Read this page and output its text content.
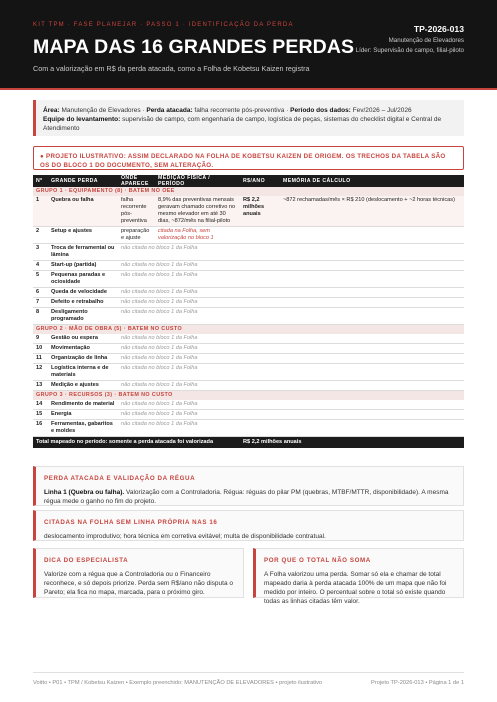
KIT TPM · FASE PLANEJAR · PASSO 1 · IDENTIFICAÇÃO DA PERDA
MAPA DAS 16 GRANDES PERDAS
Com a valorização em R$ da perda atacada, como a Folha de Kobetsu Kaizen registra
TP-2026-013
Manutenção de Elevadores
Líder: Supervisão de campo, filial-piloto
Área: Manutenção de Elevadores · Perda atacada: falha recorrente pós-preventiva · Período dos dados: Fev/2026 – Jul/2026
Equipe do levantamento: supervisão de campo, com engenharia de campo, logística de peças, sistemas do checklist digital e Central de Atendimento
● PROJETO ILUSTRATIVO: ASSIM DECLARADO NA FOLHA DE KOBETSU KAIZEN DE ORIGEM. OS TRECHOS DA TABELA SÃO OS DO BLOCO 1 DO DOCUMENTO, SEM ALTERAÇÃO.
Nº	GRANDE PERDA	ONDE APARECE	MEDIÇÃO FÍSICA / PERÍODO	R$/ANO	MEMÓRIA DE CÁLCULO
GRUPO 1 · EQUIPAMENTO (8) · BATEM NO OEE					
1	Quebra ou falha	falha recorrente pós-preventiva	8,9% das preventivas mensais geravam chamado corretivo no mesmo elevador em até 30 dias, ~872/mês na filial-piloto	R$ 2,2 milhões anuais	~872 rechamadas/mês × R$ 210 (deslocamento + ~2 horas técnicas)
2	Setup e ajustes	preparação e ajuste	citada na Folha, sem valorização no bloco 1		
3	Troca de ferramental ou lâmina	não citada no bloco 1 da Folha			
4	Start-up (partida)	não citada no bloco 1 da Folha			
5	Pequenas paradas e ociosidade	não citada no bloco 1 da Folha			
6	Queda de velocidade	não citada no bloco 1 da Folha			
7	Defeito e retrabalho	não citada no bloco 1 da Folha			
8	Desligamento programado	não citada no bloco 1 da Folha			
GRUPO 2 · MÃO DE OBRA (5) · BATEM NO CUSTO					
9	Gestão ou espera	não citada no bloco 1 da Folha			
10	Movimentação	não citada no bloco 1 da Folha			
11	Organização de linha	não citada no bloco 1 da Folha			
12	Logística interna e de materiais	não citada no bloco 1 da Folha			
13	Medição e ajustes	não citada no bloco 1 da Folha			
GRUPO 3 · RECURSOS (3) · BATEM NO CUSTO					
14	Rendimento de material	não citada no bloco 1 da Folha			
15	Energia	não citada no bloco 1 da Folha			
16	Ferramentas, gabaritos e moldes	não citada no bloco 1 da Folha			
Total mapeado no período: somente a perda atacada foi valorizada				R$ 2,2 milhões anuais	
PERDA ATACADA E VALIDAÇÃO DA RÉGUA

Linha 1 (Quebra ou falha). Valorização com a Controladoria. Régua: réguas do pilar PM (quebras, MTBF/MTTR, disponibilidade). A mesma régua mede o ganho no fim do projeto.

CITADAS NA FOLHA SEM LINHA PRÓPRIA NAS 16

deslocamento improdutivo; hora técnica em corretiva evitável; multa de disponibilidade contratual.

DICA DO ESPECIALISTA

Valorize com a régua que a Controladoria ou o Financeiro reconhece, e só depois priorize. Perda sem R$/ano não disputa o Pareto; ela fica no mapa, marcada, para o próximo giro.

POR QUE O TOTAL NÃO SOMA

A Folha valorizou uma perda. Somar só ela e chamar de total mapeado daria à perda atacada 100% de um mapa que não foi medido por inteiro. O percentual sobre o total só existe quando todas as linhas citadas têm valor.

Voitto • P01 • TPM / Kobetsu Kaizen • Exemplo preenchido: MANUTENÇÃO DE ELEVADORES • projeto ilustrativo	Projeto TP-2026-013 • Página 1 de 1
